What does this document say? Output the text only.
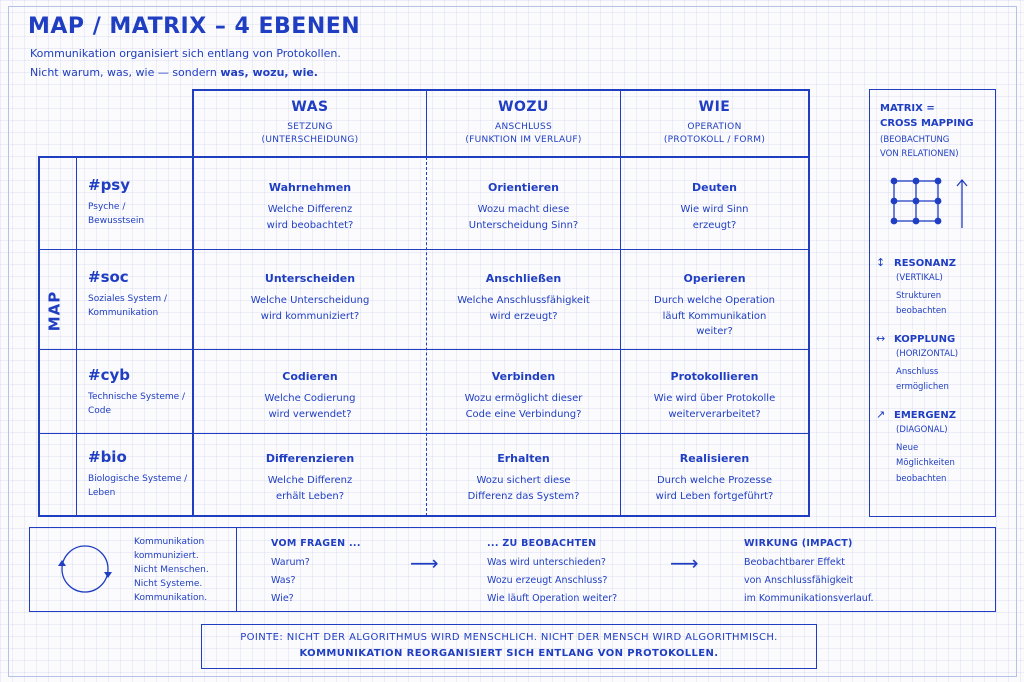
MAP / MATRIX – 4 EBENEN
Kommunikation organisiert sich entlang von Protokollen.
Nicht warum, was, wie — sondern was, wozu, wie.
WAS
SETZUNG
(UNTERSCHEIDUNG)
WOZU
ANSCHLUSS
(FUNKTION IM VERLAUF)
WIE
OPERATION
(PROTOKOLL / FORM)
MAP
#psy
Psyche /
Bewusstsein
#soc
Soziales System /
Kommunikation
#cyb
Technische Systeme /
Code
#bio
Biologische Systeme /
Leben
Wahrnehmen
Welche Differenz
wird beobachtet?
Orientieren
Wozu macht diese
Unterscheidung Sinn?
Deuten
Wie wird Sinn
erzeugt?
Unterscheiden
Welche Unterscheidung
wird kommuniziert?
Anschließen
Welche Anschlussfähigkeit
wird erzeugt?
Operieren
Durch welche Operation
läuft Kommunikation
weiter?
Codieren
Welche Codierung
wird verwendet?
Verbinden
Wozu ermöglicht dieser
Code eine Verbindung?
Protokollieren
Wie wird über Protokolle
weiterverarbeitet?
Differenzieren
Welche Differenz
erhält Leben?
Erhalten
Wozu sichert diese
Differenz das System?
Realisieren
Durch welche Prozesse
wird Leben fortgeführt?
MATRIX =
CROSS MAPPING
(BEOBACHTUNG
VON RELATIONEN)
↕ RESONANZ
(VERTIKAL)
Strukturen
beobachten
↔ KOPPLUNG
(HORIZONTAL)
Anschluss
ermöglichen
↗ EMERGENZ
(DIAGONAL)
Neue
Möglichkeiten
beobachten
Kommunikation
kommuniziert.
Nicht Menschen.
Nicht Systeme.
Kommunikation.
VOM FRAGEN ...
Warum?
Was?
Wie?
⟶
... ZU BEOBACHTEN
Was wird unterschieden?
Wozu erzeugt Anschluss?
Wie läuft Operation weiter?
⟶
WIRKUNG (IMPACT)
Beobachtbarer Effekt
von Anschlussfähigkeit
im Kommunikationsverlauf.
POINTE: NICHT DER ALGORITHMUS WIRD MENSCHLICH. NICHT DER MENSCH WIRD ALGORITHMISCH.
KOMMUNIKATION REORGANISIERT SICH ENTLANG VON PROTOKOLLEN.
